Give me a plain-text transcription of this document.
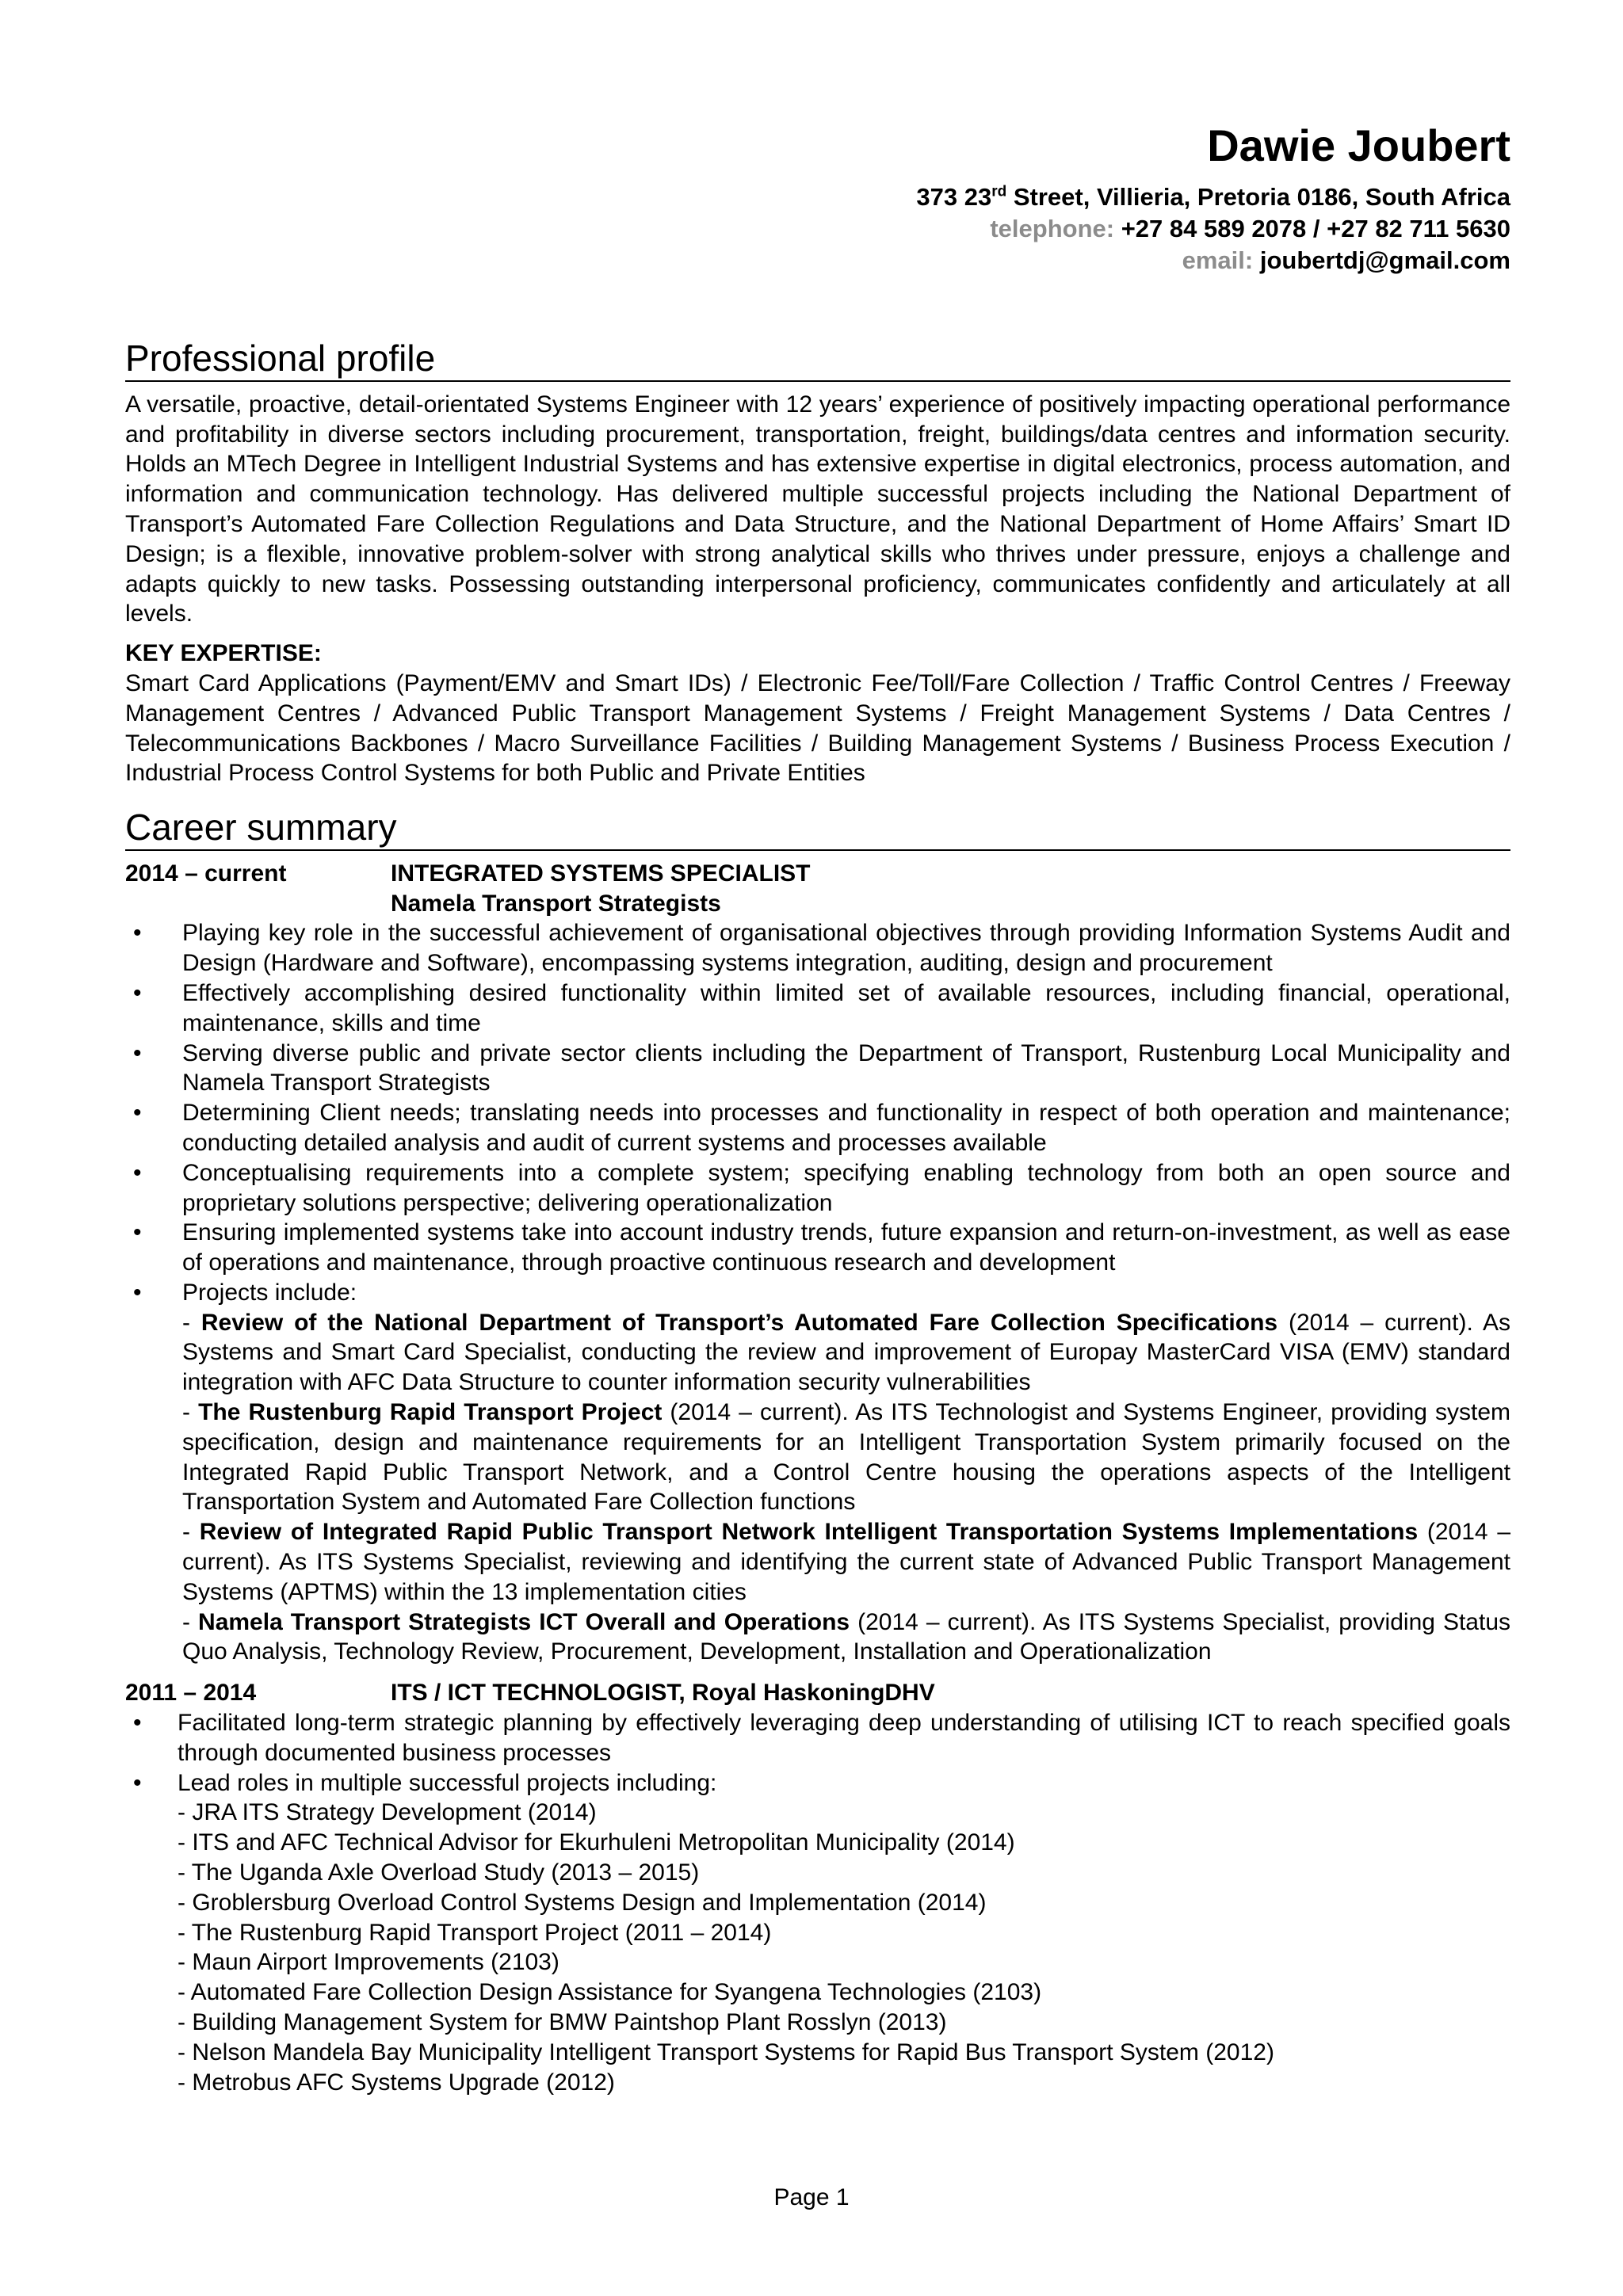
Dawie Joubert
373 23rd Street, Villieria, Pretoria 0186, South Africa
telephone: +27 84 589 2078 / +27 82 711 5630
email: joubertdj@gmail.com
Professional profile

A versatile, proactive, detail-orientated Systems Engineer with 12 years’ experience of positively impacting operational performance and profitability in diverse sectors including procurement, transportation, freight, buildings/data centres and information security. Holds an MTech Degree in Intelligent Industrial Systems and has extensive expertise in digital electronics, process automation, and information and communication technology. Has delivered multiple successful projects including the National Department of Transport’s Automated Fare Collection Regulations and Data Structure, and the National Department of Home Affairs’ Smart ID Design; is a flexible, innovative problem-solver with strong analytical skills who thrives under pressure, enjoys a challenge and adapts quickly to new tasks. Possessing outstanding interpersonal proficiency, communicates confidently and articulately at all levels.

KEY EXPERTISE:

Smart Card Applications (Payment/EMV and Smart IDs) / Electronic Fee/Toll/Fare Collection / Traffic Control Centres / Freeway Management Centres / Advanced Public Transport Management Systems / Freight Management Systems / Data Centres / Telecommunications Backbones / Macro Surveillance Facilities / Building Management Systems / Business Process Execution / Industrial Process Control Systems for both Public and Private Entities

Career summary
2014 – current	INTEGRATED SYSTEMS SPECIALIST
Namela Transport Strategists
• Playing key role in the successful achievement of organisational objectives through providing Information Systems Audit and Design (Hardware and Software), encompassing systems integration, auditing, design and procurement
• Effectively accomplishing desired functionality within limited set of available resources, including financial, operational, maintenance, skills and time
• Serving diverse public and private sector clients including the Department of Transport, Rustenburg Local Municipality and Namela Transport Strategists
• Determining Client needs; translating needs into processes and functionality in respect of both operation and maintenance; conducting detailed analysis and audit of current systems and processes available
• Conceptualising requirements into a complete system; specifying enabling technology from both an open source and proprietary solutions perspective; delivering operationalization
• Ensuring implemented systems take into account industry trends, future expansion and return-on-investment, as well as ease of operations and maintenance, through proactive continuous research and development
• Projects include:
- Review of the National Department of Transport’s Automated Fare Collection Specifications (2014 – current). As Systems and Smart Card Specialist, conducting the review and improvement of Europay MasterCard VISA (EMV) standard integration with AFC Data Structure to counter information security vulnerabilities
- The Rustenburg Rapid Transport Project (2014 – current). As ITS Technologist and Systems Engineer, providing system specification, design and maintenance requirements for an Intelligent Transportation System primarily focused on the Integrated Rapid Public Transport Network, and a Control Centre housing the operations aspects of the Intelligent Transportation System and Automated Fare Collection functions
- Review of Integrated Rapid Public Transport Network Intelligent Transportation Systems Implementations (2014 – current). As ITS Systems Specialist, reviewing and identifying the current state of Advanced Public Transport Management Systems (APTMS) within the 13 implementation cities
- Namela Transport Strategists ICT Overall and Operations (2014 – current). As ITS Systems Specialist, providing Status Quo Analysis, Technology Review, Procurement, Development, Installation and Operationalization
2011 – 2014	ITS / ICT TECHNOLOGIST, Royal HaskoningDHV
• Facilitated long-term strategic planning by effectively leveraging deep understanding of utilising ICT to reach specified goals through documented business processes
• Lead roles in multiple successful projects including:
- JRA ITS Strategy Development (2014)
- ITS and AFC Technical Advisor for Ekurhuleni Metropolitan Municipality (2014)
- The Uganda Axle Overload Study (2013 – 2015)
- Groblersburg Overload Control Systems Design and Implementation (2014)
- The Rustenburg Rapid Transport Project (2011 – 2014)
- Maun Airport Improvements (2103)
- Automated Fare Collection Design Assistance for Syangena Technologies (2103)
- Building Management System for BMW Paintshop Plant Rosslyn (2013)
- Nelson Mandela Bay Municipality Intelligent Transport Systems for Rapid Bus Transport System (2012)
- Metrobus AFC Systems Upgrade (2012)
Page 1
